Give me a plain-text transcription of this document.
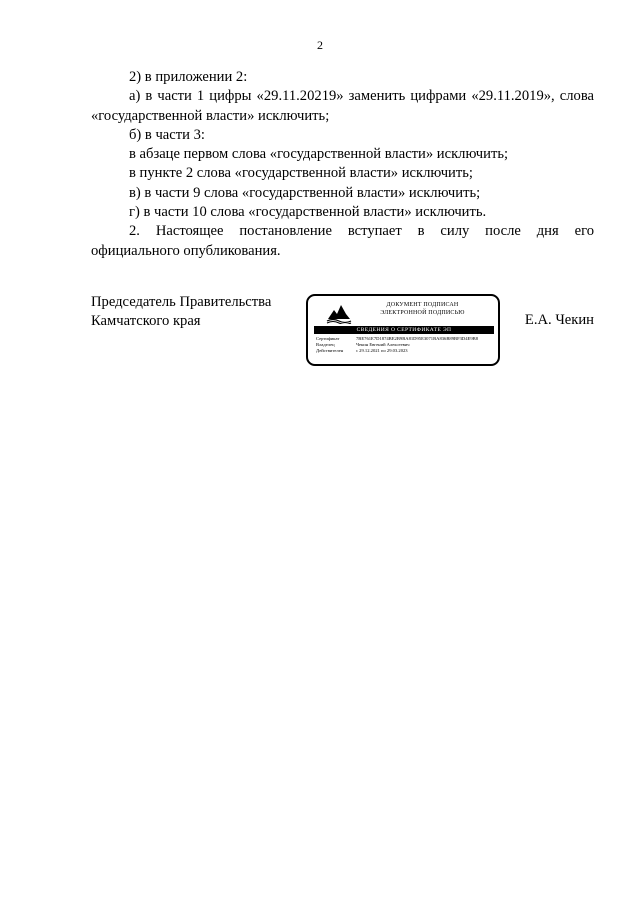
2

2) в приложении 2:

а) в части 1 цифры «29.11.20219» заменить цифрами «29.11.2019», слова

«государственной власти» исключить;

б) в части 3:

в абзаце первом слова «государственной власти» исключить;

в пункте 2 слова «государственной власти» исключить;

в) в части 9 слова «государственной власти» исключить;

г) в части 10 слова «государственной власти» исключить.

2. Настоящее постановление вступает в силу после дня его

официального опубликования.

Председатель Правительства
Камчатского края
ДОКУМЕНТ ПОДПИСАН
ЭЛЕКТРОННОЙ ПОДПИСЬЮ
СВЕДЕНИЯ О СЕРТИФИКАТЕ ЭП
Сертификат	7BE761E7D1874BE2B9BA81D95E3071BA836B89BF3D4E9B8
Владелец	Чекин Евгений Алексеевич
Действителен	с 29.12.2021 по 29.03.2023
Е.А. Чекин
